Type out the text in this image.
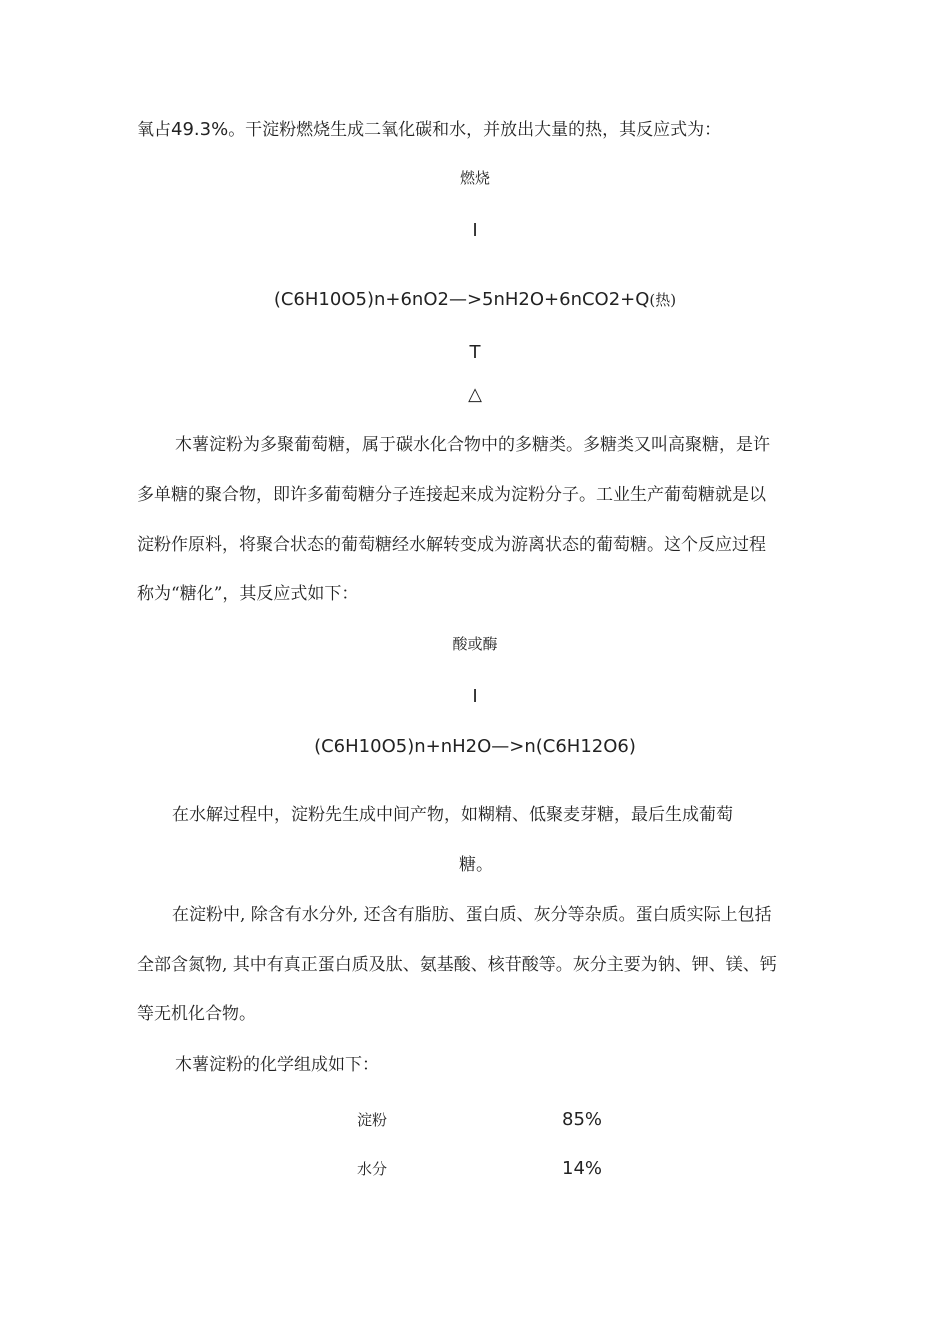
氧占49.3%。干淀粉燃烧生成二氧化碳和水，并放出大量的热，其反应式为：
燃烧
I
(C6H10O5)n+6nO2—>5nH2O+6nCO2+Q(热)
T
△
木薯淀粉为多聚葡萄糖，属于碳水化合物中的多糖类。多糖类又叫高聚糖，是许
多单糖的聚合物，即许多葡萄糖分子连接起来成为淀粉分子。工业生产葡萄糖就是以
淀粉作原料，将聚合状态的葡萄糖经水解转变成为游离状态的葡萄糖。这个反应过程
称为“糖化”，其反应式如下：
酸或酶
I
(C6H10O5)n+nH2O—>n(C6H12O6)
在水解过程中，淀粉先生成中间产物，如糊精、低聚麦芽糖，最后生成葡萄
糖。
在淀粉中, 除含有水分外, 还含有脂肪、蛋白质、灰分等杂质。蛋白质实际上包括
全部含氮物, 其中有真正蛋白质及肽、氨基酸、核苷酸等。灰分主要为钠、钾、镁、钙
等无机化合物。
木薯淀粉的化学组成如下：
淀粉	85%
水分	14%
